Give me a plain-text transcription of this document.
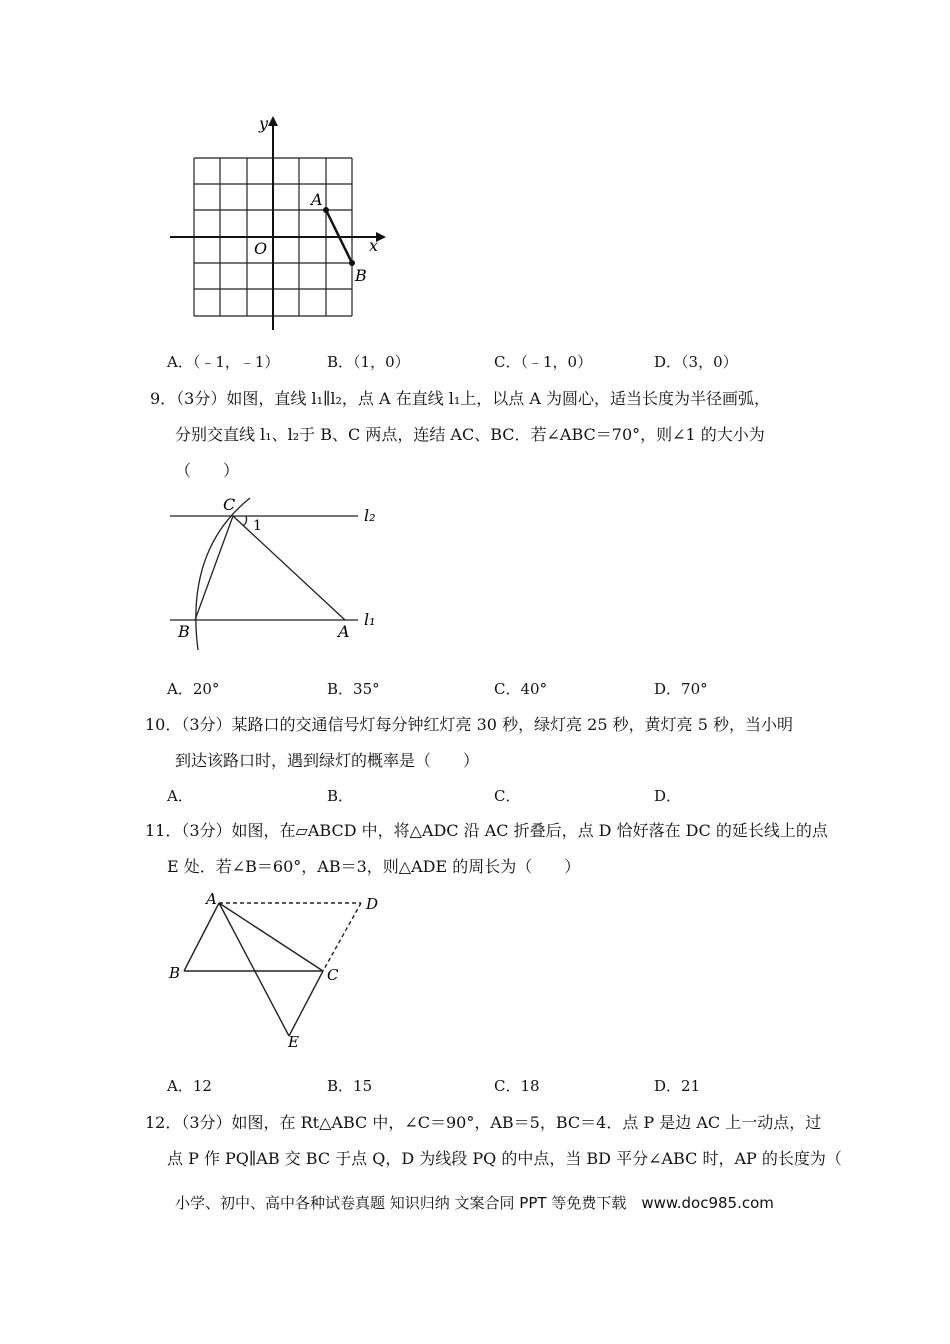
y
x
O
A
B
A．（﹣1，﹣1）	B．（1，0）	C．（﹣1，0）	D．（3，0）
9．（3分）如图，直线 l₁∥l₂，点 A 在直线 l₁上，以点 A 为圆心，适当长度为半径画弧，
分别交直线 l₁、l₂于 B、C 两点，连结 AC、BC．若∠ABC＝70°，则∠1 的大小为
（　　）
C
1
l₂
B	A
l₁
A．20°	B．35°	C．40°	D．70°
10．（3分）某路口的交通信号灯每分钟红灯亮 30 秒，绿灯亮 25 秒，黄灯亮 5 秒，当小明
到达该路口时，遇到绿灯的概率是（　　）
A．	B．	C．	D．
11．（3分）如图，在▱ABCD 中，将△ADC 沿 AC 折叠后，点 D 恰好落在 DC 的延长线上的点
E 处．若∠B＝60°，AB＝3，则△ADE 的周长为（　　）
A	D
B	C
E
A．12	B．15	C．18	D．21
12．（3分）如图，在 Rt△ABC 中，∠C＝90°，AB＝5，BC＝4．点 P 是边 AC 上一动点，过
点 P 作 PQ∥AB 交 BC 于点 Q，D 为线段 PQ 的中点，当 BD 平分∠ABC 时，AP 的长度为（
小学、初中、高中各种试卷真题 知识归纳 文案合同 PPT 等免费下载　www.doc985.com
